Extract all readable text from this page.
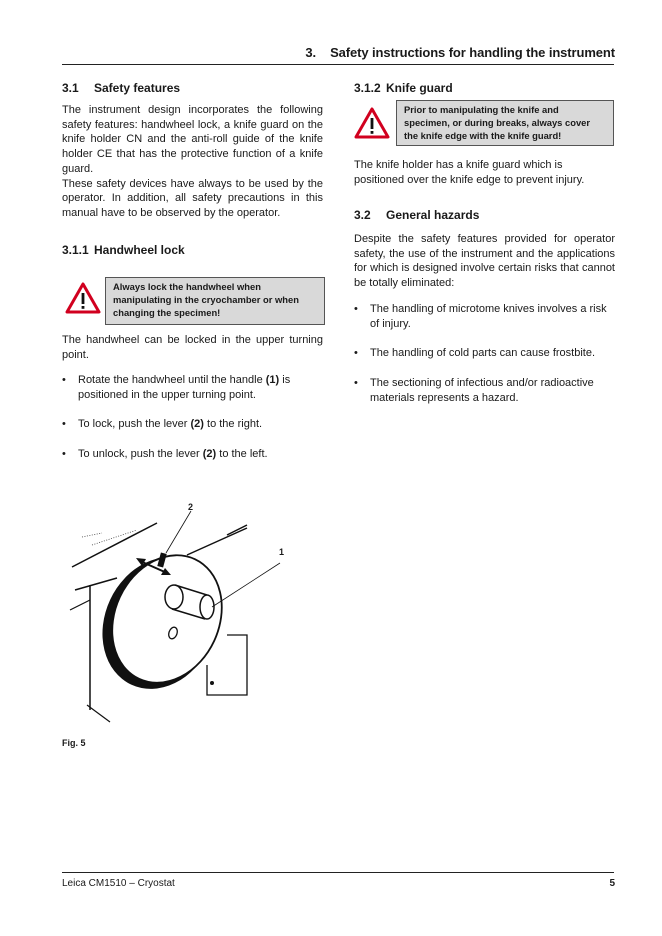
3. Safety instructions for handling the instrument
3.1 Safety features

The instrument design incorporates the following safety features: handwheel lock, a knife guard on the knife holder CN and the anti-roll guide of the knife holder CE that has the protective function of a knife guard.

These safety devices have always to be used by the operator. In addition, all safety precautions in this manual have to be observed by the operator.

3.1.1 Handwheel lock
Always lock the handwheel when manipulating in the cryochamber or when changing the specimen!
The handwheel can be locked in the upper turning point.
• Rotate the handwheel until the handle (1) is positioned in the upper turning point.
• To lock, push the lever (2) to the right.
• To unlock, push the lever (2) to the left.
2
1
Fig. 5
3.1.2 Knife guard
Prior to manipulating the knife and specimen, or during breaks, always cover the knife edge with the knife guard!
The knife holder has a knife guard which is positioned over the knife edge to prevent injury.
3.2 General hazards
Despite the safety features provided for operator safety, the use of the instrument and the applications for which is designed involve certain risks that cannot be totally eliminated:
• The handling of microtome knives involves a risk of injury.
• The handling of cold parts can cause frostbite.
• The sectioning of infectious and/or radioactive materials represents a hazard.
Leica CM1510 – Cryostat	5
